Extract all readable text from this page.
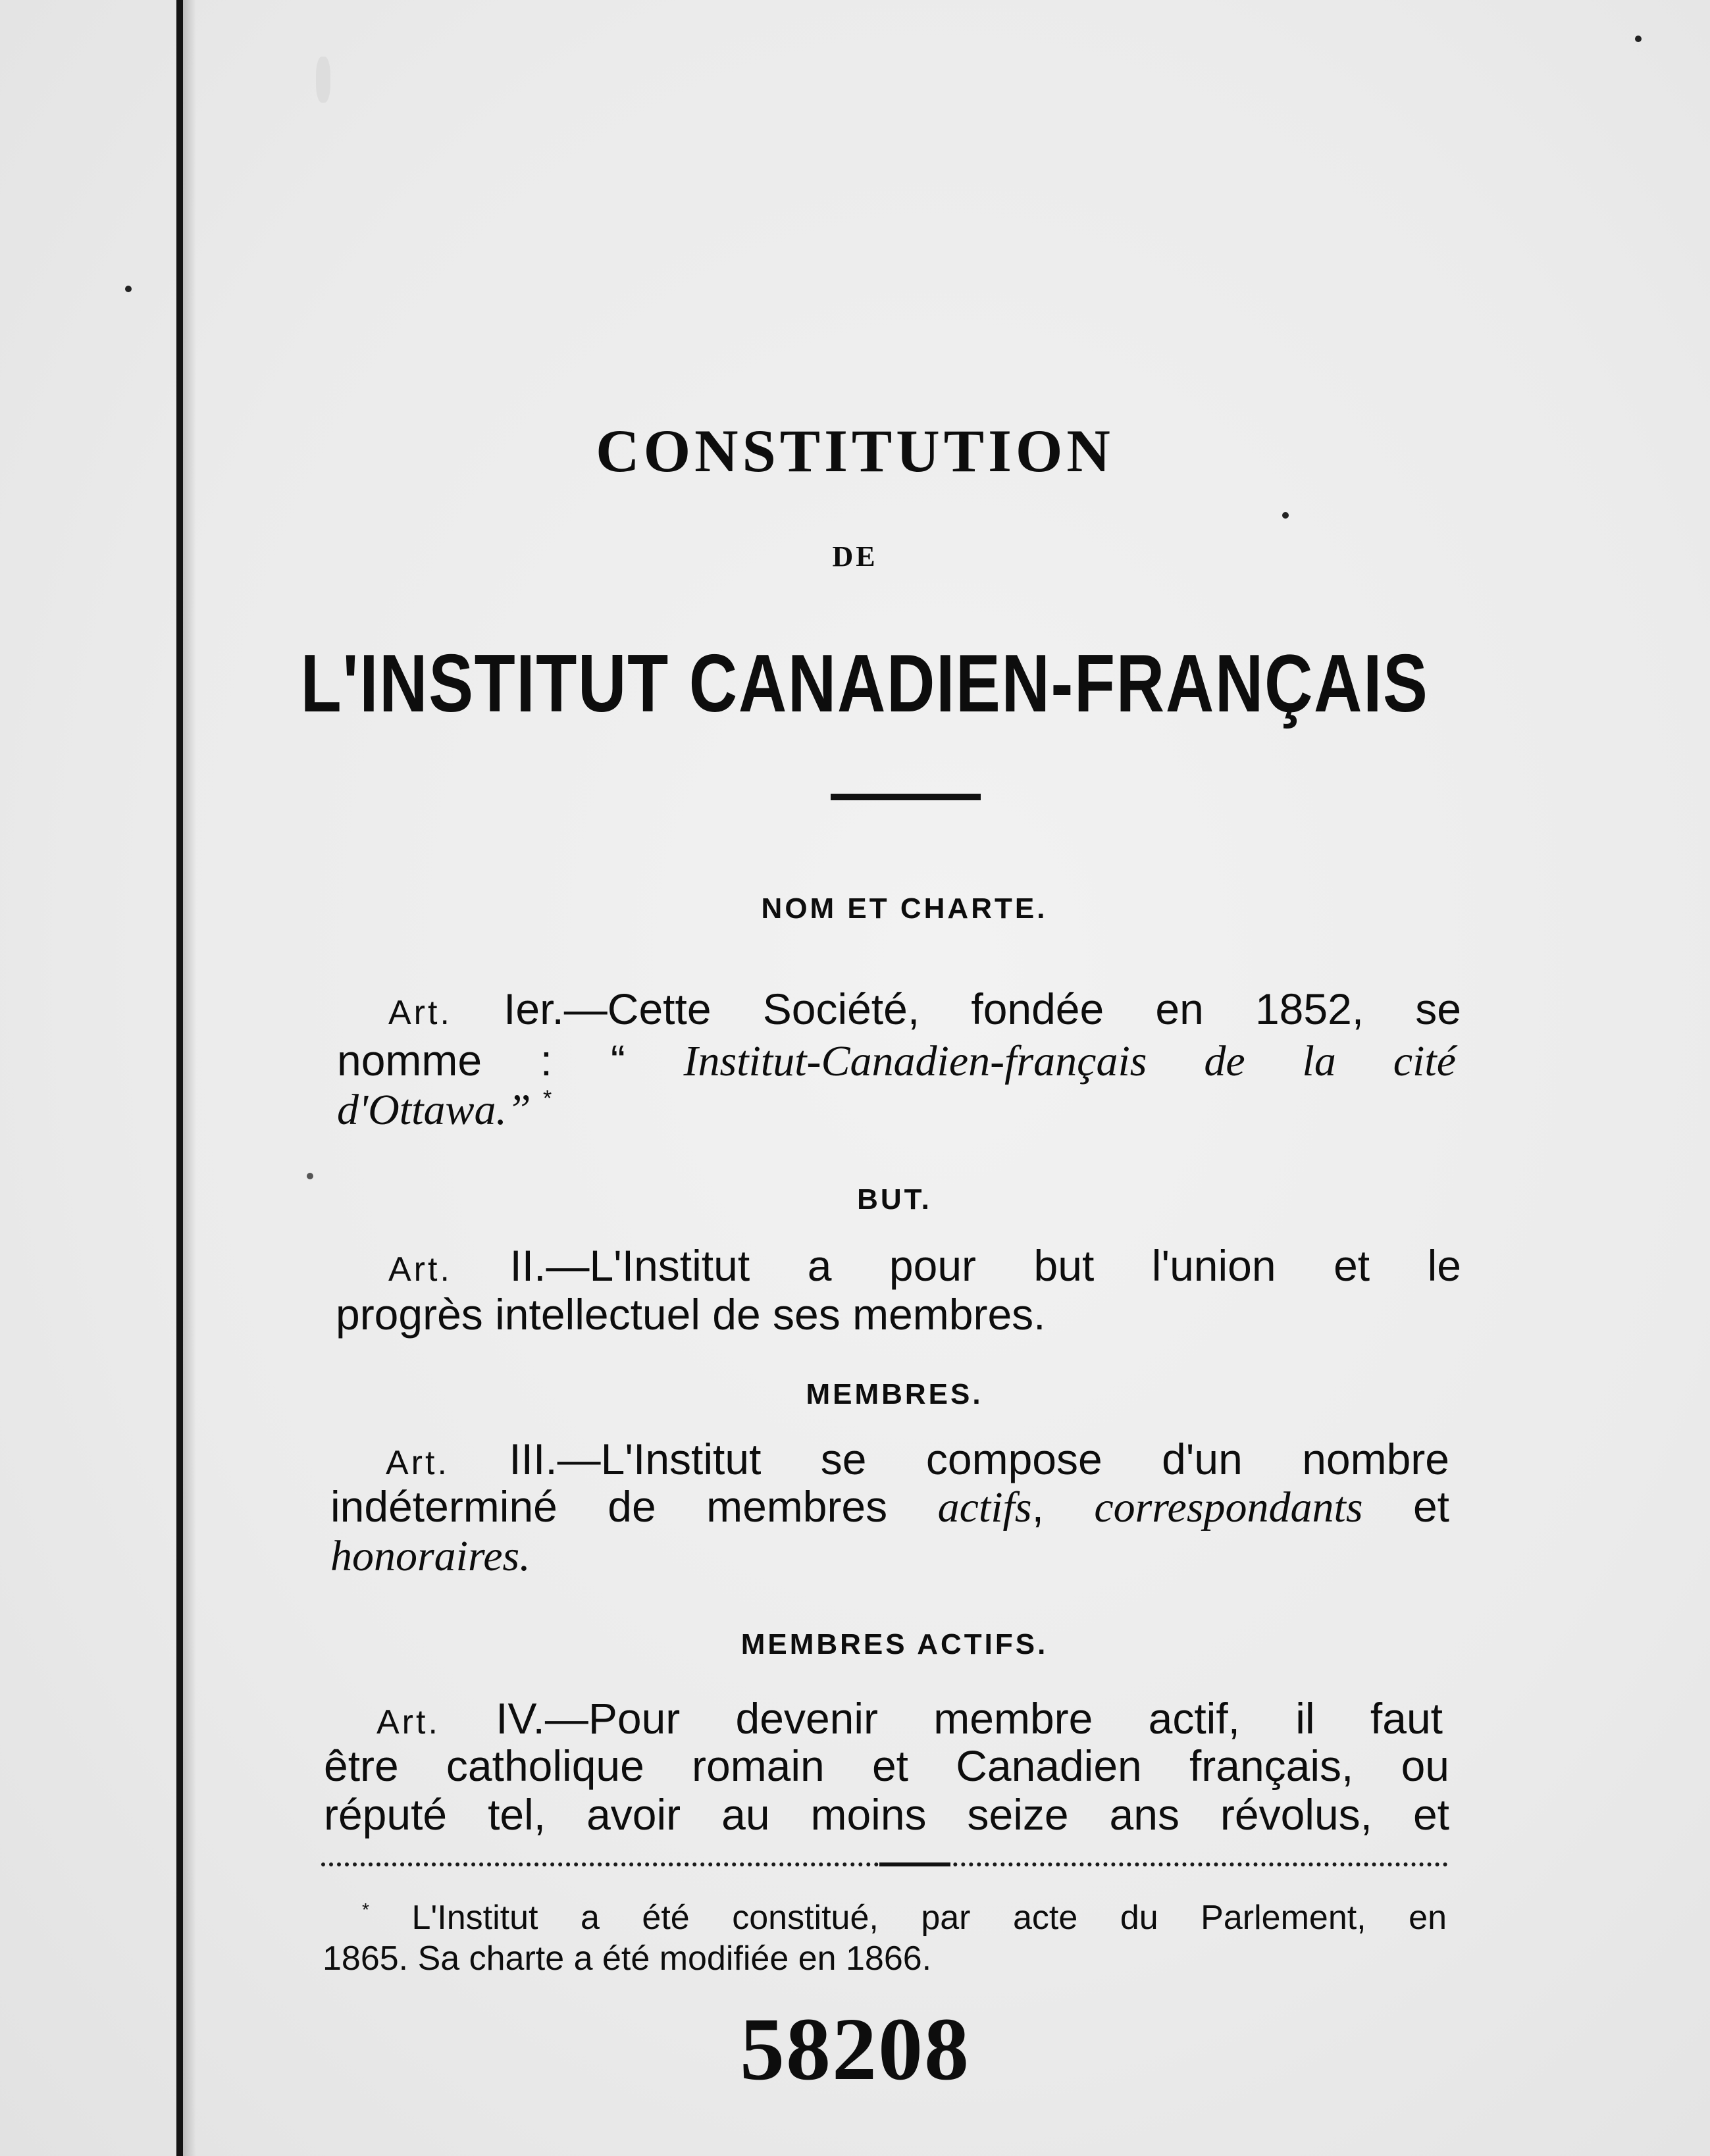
CONSTITUTION
DE
L'INSTITUT CANADIEN-FRANÇAIS
NOM ET CHARTE.

Art. Ier.—Cette Société, fondée en 1852, se

nomme : “ Institut-Canadien-français de la cité

d'Ottawa.” *

BUT.

Art. II.—L'Institut a pour but l'union et le

progrès intellectuel de ses membres.

MEMBRES.

Art. III.—L'Institut se compose d'un nombre

indéterminé de membres actifs, correspondants et

honoraires.

MEMBRES ACTIFS.

Art. IV.—Pour devenir membre actif, il faut

être catholique romain et Canadien français, ou

réputé tel, avoir au moins seize ans révolus, et

* L'Institut a été constitué, par acte du Parlement, en

1865. Sa charte a été modifiée en 1866.

58208
